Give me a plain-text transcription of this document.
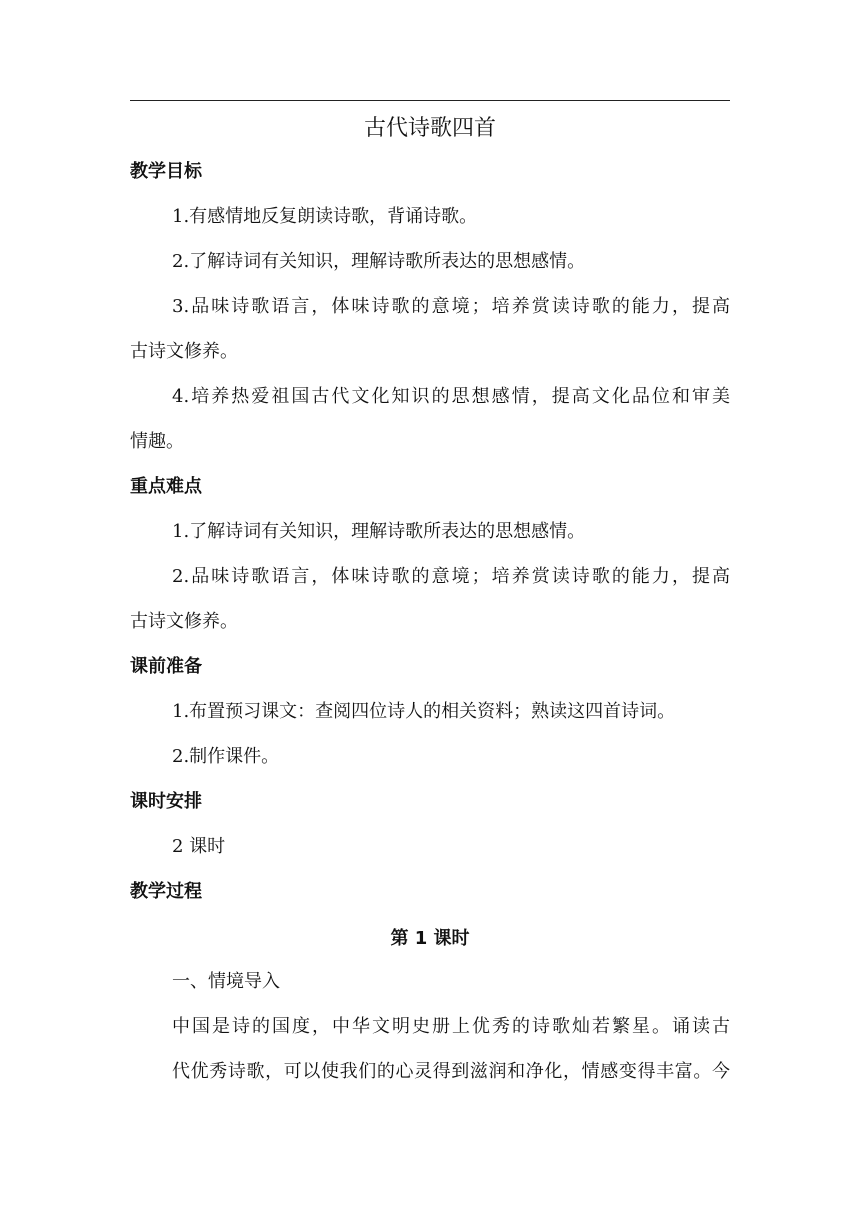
古代诗歌四首
教学目标
1.有感情地反复朗读诗歌，背诵诗歌。
2.了解诗词有关知识，理解诗歌所表达的思想感情。
3.品味诗歌语言，体味诗歌的意境；培养赏读诗歌的能力，提高
古诗文修养。
4.培养热爱祖国古代文化知识的思想感情，提高文化品位和审美
情趣。
重点难点
1.了解诗词有关知识，理解诗歌所表达的思想感情。
2.品味诗歌语言，体味诗歌的意境；培养赏读诗歌的能力，提高
古诗文修养。
课前准备
1.布置预习课文：查阅四位诗人的相关资料；熟读这四首诗词。
2.制作课件。
课时安排
2 课时
教学过程
第 1 课时
一、情境导入
中国是诗的国度，中华文明史册上优秀的诗歌灿若繁星。诵读古
代优秀诗歌，可以使我们的心灵得到滋润和净化，情感变得丰富。今
